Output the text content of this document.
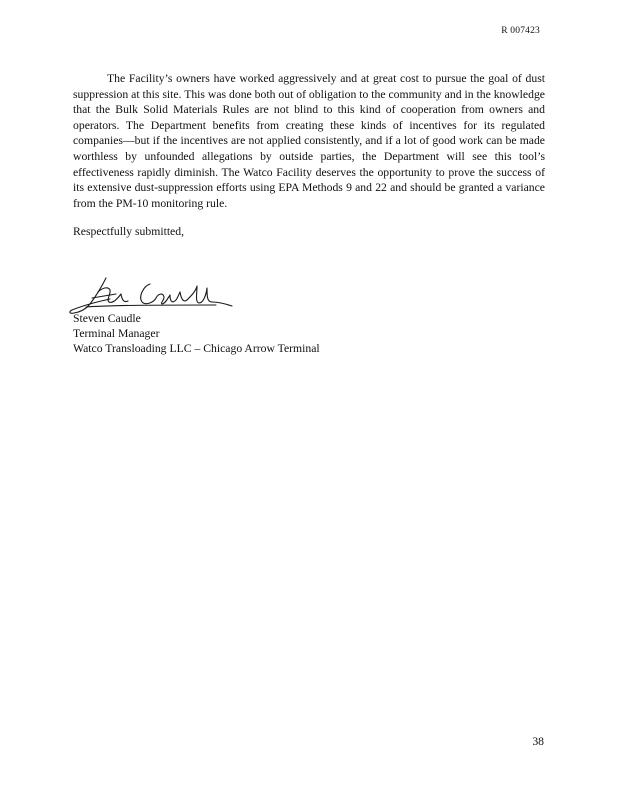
R 007423

The Facility’s owners have worked aggressively and at great cost to pursue the goal of dust suppression at this site. This was done both out of obligation to the community and in the knowledge that the Bulk Solid Materials Rules are not blind to this kind of cooperation from owners and operators. The Department benefits from creating these kinds of incentives for its regulated companies—but if the incentives are not applied consistently, and if a lot of good work can be made worthless by unfounded allegations by outside parties, the Department will see this tool’s effectiveness rapidly diminish. The Watco Facility deserves the opportunity to prove the success of its extensive dust-suppression efforts using EPA Methods 9 and 22 and should be granted a variance from the PM-10 monitoring rule.

Respectfully submitted,

Steven Caudle
Terminal Manager
Watco Transloading LLC – Chicago Arrow Terminal
38
